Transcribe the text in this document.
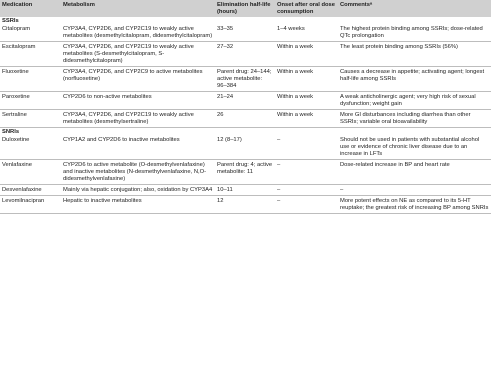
Medication	Metabolism	Elimination half-life (hours)	Onset after oral dose consumption	Commentsᵃ
SSRIs				
Citalopram	CYP3A4, CYP2D6, and CYP2C19 to weakly active metabolites (desmethylcitalopram, didesmethylcitalopram)	33–35	1–4 weeks	The highest protein binding among SSRIs; dose-related QTc prolongation
Escitalopram	CYP3A4, CYP2D6, and CYP2C19 to weakly active metabolites (S-desmethylcitalopram, S-didesmethylcitalopram)	27–32	Within a week	The least protein binding among SSRIs (56%)
Fluoxetine	CYP3A4, CYP2D6, and CYP2C9 to active metabolites (norfluoxetine)	Parent drug: 24–144; active metabolite: 96–384	Within a week	Causes a decrease in appetite; activating agent; longest half-life among SSRIs
Paroxetine	CYP2D6 to non-active metabolites	21–24	Within a week	A weak anticholinergic agent; very high risk of sexual dysfunction; weight gain
Sertraline	CYP3A4, CYP2D6, and CYP2C19 to weakly active metabolites (desmethylsertraline)	26	Within a week	More GI disturbances including diarrhea than other SSRIs; variable oral bioavailability
SNRIs				
Duloxetine	CYP1A2 and CYP2D6 to inactive metabolites	12 (8–17)	–	Should not be used in patients with substantial alcohol use or evidence of chronic liver disease due to an increase in LFTs
Venlafaxine	CYP2D6 to active metabolite (O-desmethylvenlafaxine) and inactive metabolites (N-desmethylvenlafaxine, N,O-didesmethylvenlafaxine)	Parent drug: 4; active metabolite: 11	–	Dose-related increase in BP and heart rate
Desvenlafaxine	Mainly via hepatic conjugation; also, oxidation by CYP3A4	10–11	–	–
Levomilnacipran	Hepatic to inactive metabolites	12	–	More potent effects on NE as compared to its 5-HT reuptake; the greatest risk of increasing BP among SNRIs
